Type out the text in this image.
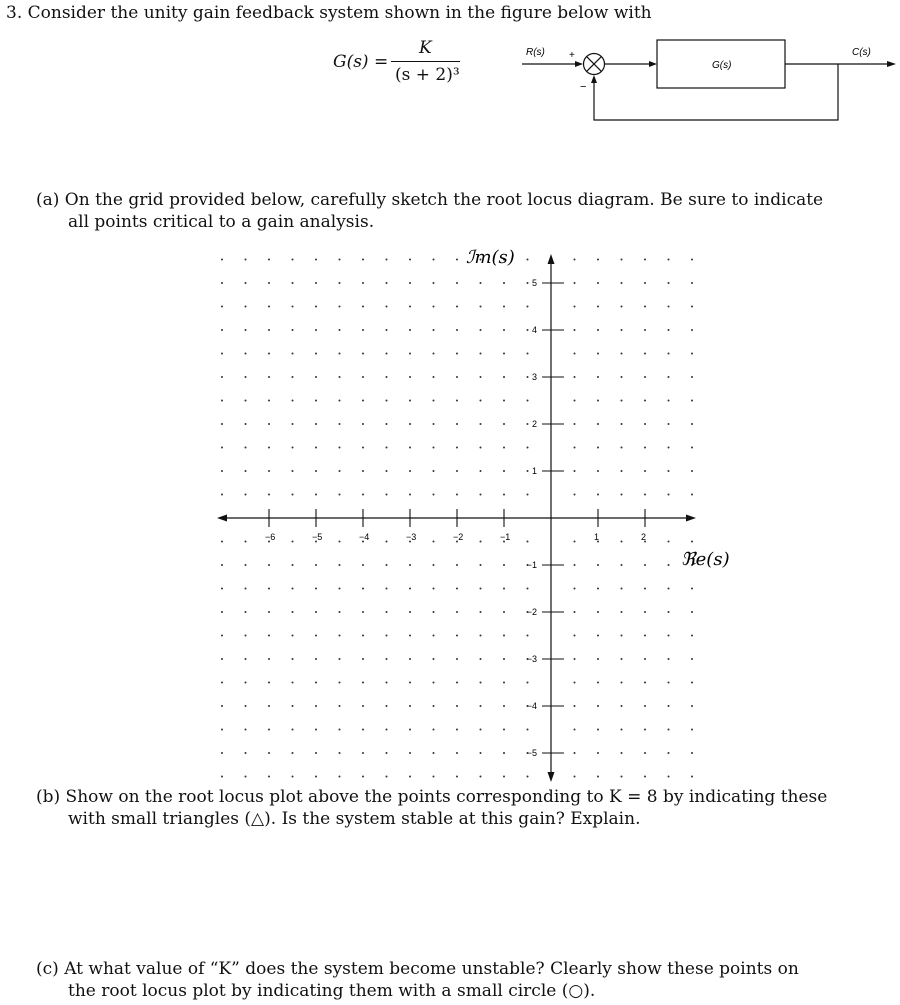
3. Consider the unity gain feedback system shown in the figure below with
G(s) =
K
(s + 2)³
R(s) +
−
G(s)
C(s)
(a) On the grid provided below, carefully sketch the root locus diagram. Be sure to indicate
all points critical to a gain analysis.
−6	−5	−4	−3	−2	−1	1	2
5
4
3
2
1
−1
−2
−3
−4
−5
ℐm(s)
ℜe(s)
(b) Show on the root locus plot above the points corresponding to K = 8 by indicating these
with small triangles (△). Is the system stable at this gain? Explain.
(c) At what value of “K” does the system become unstable? Clearly show these points on
the root locus plot by indicating them with a small circle (○).
